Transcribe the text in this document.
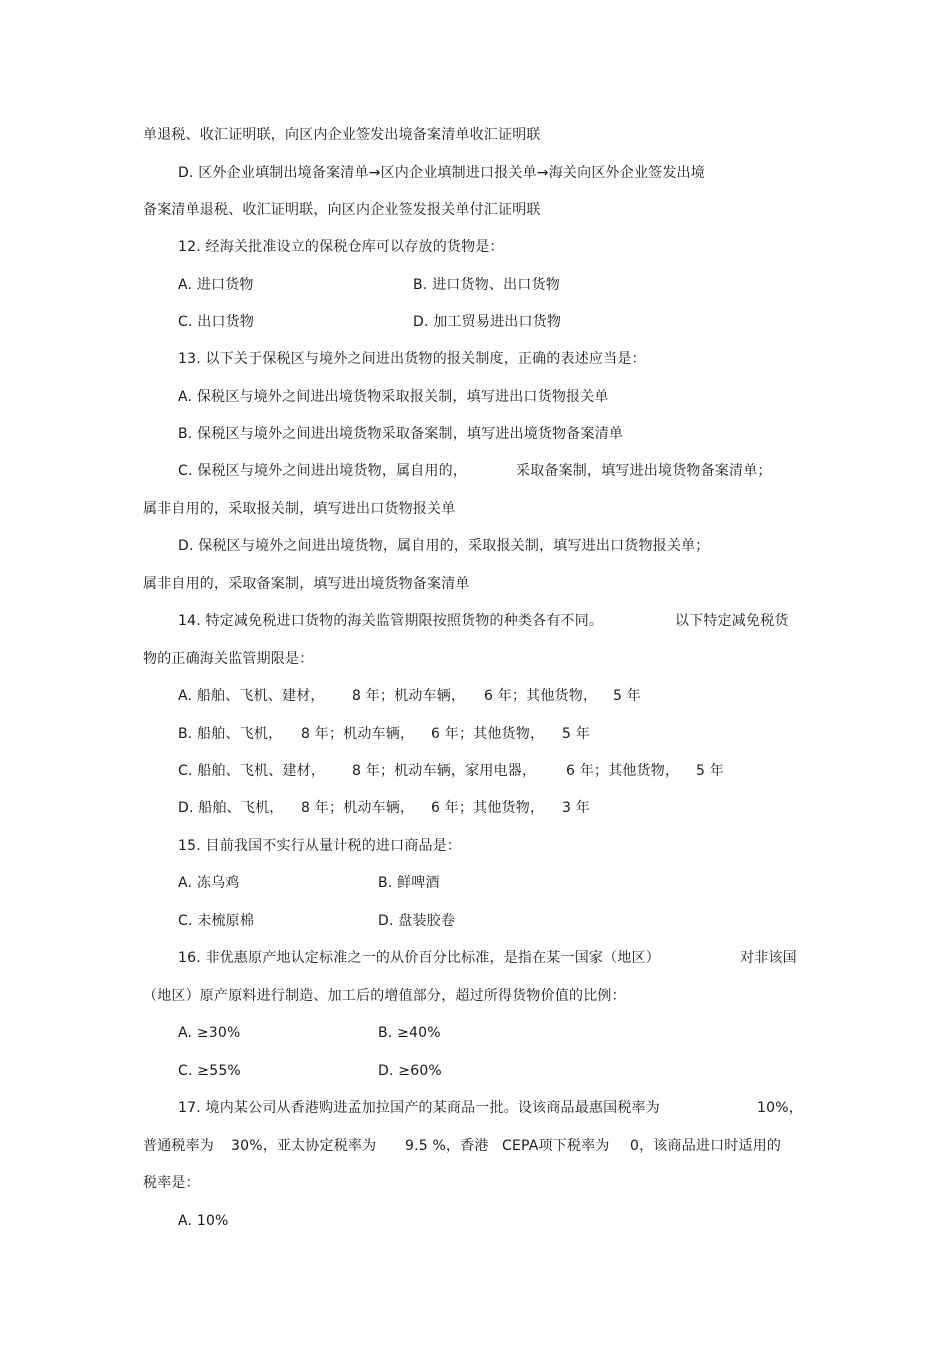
单退税、收汇证明联，向区内企业签发出境备案清单收汇证明联
D. 区外企业填制出境备案清单→区内企业填制进口报关单→海关向区外企业签发出境
备案清单退税、收汇证明联，向区内企业签发报关单付汇证明联
12. 经海关批准设立的保税仓库可以存放的货物是：
A. 进口货物	B. 进口货物、出口货物
C. 出口货物	D. 加工贸易进出口货物
13. 以下关于保税区与境外之间进出货物的报关制度，正确的表述应当是：
A. 保税区与境外之间进出境货物采取报关制，填写进出口货物报关单
B. 保税区与境外之间进出境货物采取备案制，填写进出境货物备案清单
C. 保税区与境外之间进出境货物，属自用的，	采取备案制，填写进出境货物备案清单；
属非自用的，采取报关制，填写进出口货物报关单
D. 保税区与境外之间进出境货物，属自用的，采取报关制，填写进出口货物报关单；
属非自用的，采取备案制，填写进出境货物备案清单
14. 特定减免税进口货物的海关监管期限按照货物的种类各有不同。	以下特定减免税货
物的正确海关监管期限是：
A. 船舶、飞机、建材， 8 年；机动车辆， 6 年；其他货物， 5 年
B. 船舶、飞机， 8 年；机动车辆， 6 年；其他货物， 5 年
C. 船舶、飞机、建材， 8 年；机动车辆，家用电器， 6 年；其他货物， 5 年
D. 船舶、飞机， 8 年；机动车辆， 6 年；其他货物， 3 年
15. 目前我国不实行从量计税的进口商品是：
A. 冻乌鸡	B. 鲜啤酒
C. 未梳原棉	D. 盘装胶卷
16. 非优惠原产地认定标准之一的从价百分比标准，是指在某一国家（地区）	对非该国
（地区）原产原料进行制造、加工后的增值部分，超过所得货物价值的比例：
A. ≥30%	B. ≥40%
C. ≥55%	D. ≥60%
17. 境内某公司从香港购进孟加拉国产的某商品一批。设该商品最惠国税率为	10%，
普通税率为 30%，亚太协定税率为 9.5 %，香港 CEPA项下税率为 0，该商品进口时适用的
税率是：
A. 10%
